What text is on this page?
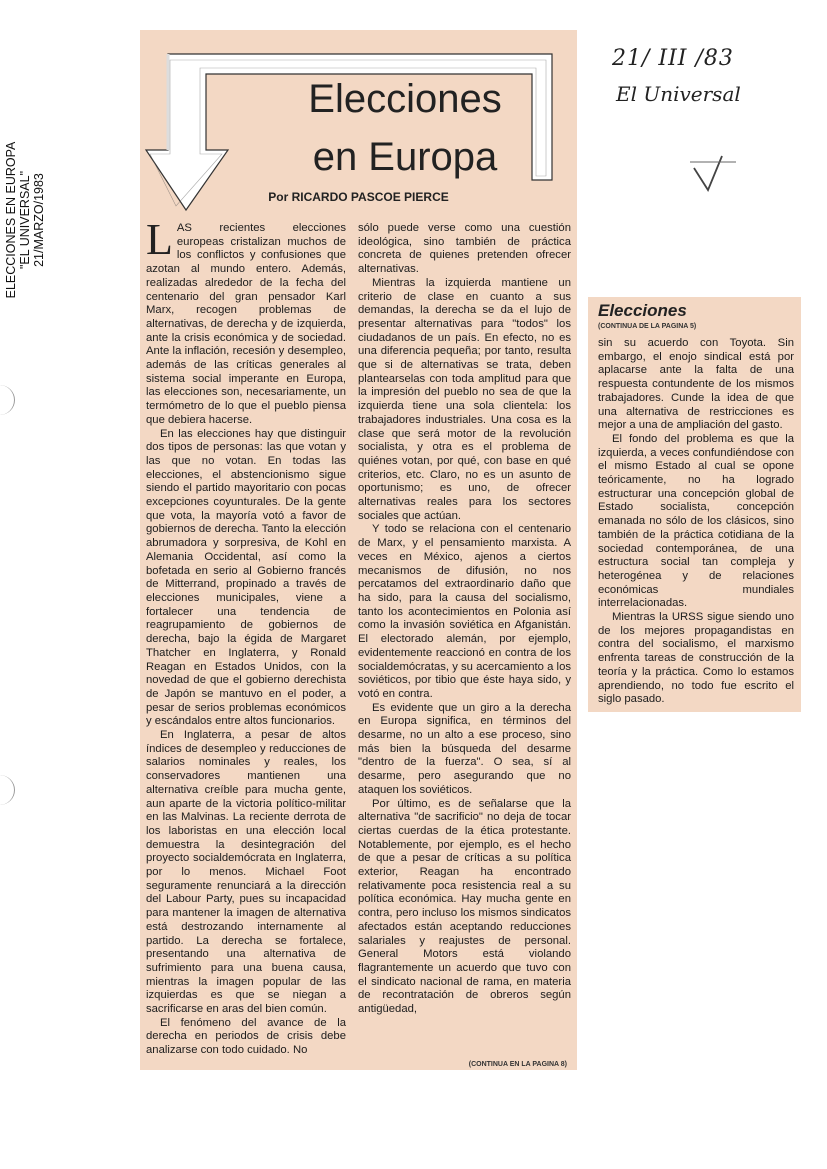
ELECCIONES EN EUROPA "EL UNIVERSAL" 21/MARZO/1983
21/ III /83
El Universal
Elecciones
en Europa
Por RICARDO PASCOE PIERCE

LAS recientes elecciones europeas cristalizan muchos de los conflictos y confusiones que azotan al mundo entero. Además, realizadas alrededor de la fecha del centenario del gran pensador Karl Marx, recogen problemas de alternativas, de derecha y de izquierda, ante la crisis económica y de sociedad. Ante la inflación, recesión y desempleo, además de las críticas generales al sistema social imperante en Europa, las elecciones son, necesariamente, un termómetro de lo que el pueblo piensa que debiera hacerse.

En las elecciones hay que distinguir dos tipos de personas: las que votan y las que no votan. En todas las elecciones, el abstencionismo sigue siendo el partido mayoritario con pocas excepciones coyunturales. De la gente que vota, la mayoría votó a favor de gobiernos de derecha. Tanto la elección abrumadora y sorpresiva, de Kohl en Alemania Occidental, así como la bofetada en serio al Gobierno francés de Mitterrand, propinado a través de elecciones municipales, viene a fortalecer una tendencia de reagrupamiento de gobiernos de derecha, bajo la égida de Margaret Thatcher en Inglaterra, y Ronald Reagan en Estados Unidos, con la novedad de que el gobierno derechista de Japón se mantuvo en el poder, a pesar de serios problemas económicos y escándalos entre altos funcionarios.

En Inglaterra, a pesar de altos índices de desempleo y reducciones de salarios nominales y reales, los conservadores mantienen una alternativa creíble para mucha gente, aun aparte de la victoria político-militar en las Malvinas. La reciente derrota de los laboristas en una elección local demuestra la desintegración del proyecto socialdemócrata en Inglaterra, por lo menos. Michael Foot seguramente renunciará a la dirección del Labour Party, pues su incapacidad para mantener la imagen de alternativa está destrozando internamente al partido. La derecha se fortalece, presentando una alternativa de sufrimiento para una buena causa, mientras la imagen popular de las izquierdas es que se niegan a sacrificarse en aras del bien común.

El fenómeno del avance de la derecha en periodos de crisis debe analizarse con todo cuidado. No

sólo puede verse como una cuestión ideológica, sino también de práctica concreta de quienes pretenden ofrecer alternativas.

Mientras la izquierda mantiene un criterio de clase en cuanto a sus demandas, la derecha se da el lujo de presentar alternativas para "todos" los ciudadanos de un país. En efecto, no es una diferencia pequeña; por tanto, resulta que si de alternativas se trata, deben plantearselas con toda amplitud para que la impresión del pueblo no sea de que la izquierda tiene una sola clientela: los trabajadores industriales. Una cosa es la clase que será motor de la revolución socialista, y otra es el problema de quiénes votan, por qué, con base en qué criterios, etc. Claro, no es un asunto de oportunismo; es uno, de ofrecer alternativas reales para los sectores sociales que actúan.

Y todo se relaciona con el centenario de Marx, y el pensamiento marxista. A veces en México, ajenos a ciertos mecanismos de difusión, no nos percatamos del extraordinario daño que ha sido, para la causa del socialismo, tanto los acontecimientos en Polonia así como la invasión soviética en Afganistán. El electorado alemán, por ejemplo, evidentemente reaccionó en contra de los socialdemócratas, y su acercamiento a los soviéticos, por tibio que éste haya sido, y votó en contra.

Es evidente que un giro a la derecha en Europa significa, en términos del desarme, no un alto a ese proceso, sino más bien la búsqueda del desarme "dentro de la fuerza". O sea, sí al desarme, pero asegurando que no ataquen los soviéticos.

Por último, es de señalarse que la alternativa "de sacrificio" no deja de tocar ciertas cuerdas de la ética protestante. Notablemente, por ejemplo, es el hecho de que a pesar de críticas a su política exterior, Reagan ha encontrado relativamente poca resistencia real a su política económica. Hay mucha gente en contra, pero incluso los mismos sindicatos afectados están aceptando reducciones salariales y reajustes de personal. General Motors está violando flagrantemente un acuerdo que tuvo con el sindicato nacional de rama, en materia de recontratación de obreros según antigüedad,

(CONTINUA EN LA PAGINA 8)
Elecciones
(CONTINUA DE LA PAGINA 5)

sin su acuerdo con Toyota. Sin embargo, el enojo sindical está por aplacarse ante la falta de una respuesta contundente de los mismos trabajadores. Cunde la idea de que una alternativa de restricciones es mejor a una de ampliación del gasto.

El fondo del problema es que la izquierda, a veces confundiéndose con el mismo Estado al cual se opone teóricamente, no ha logrado estructurar una concepción global de Estado socialista, concepción emanada no sólo de los clásicos, sino también de la práctica cotidiana de la sociedad contemporánea, de una estructura social tan compleja y heterogénea y de relaciones económicas mundiales interrelacionadas.

Mientras la URSS sigue siendo uno de los mejores propagandistas en contra del socialismo, el marxismo enfrenta tareas de construcción de la teoría y la práctica. Como lo estamos aprendiendo, no todo fue escrito el siglo pasado.
